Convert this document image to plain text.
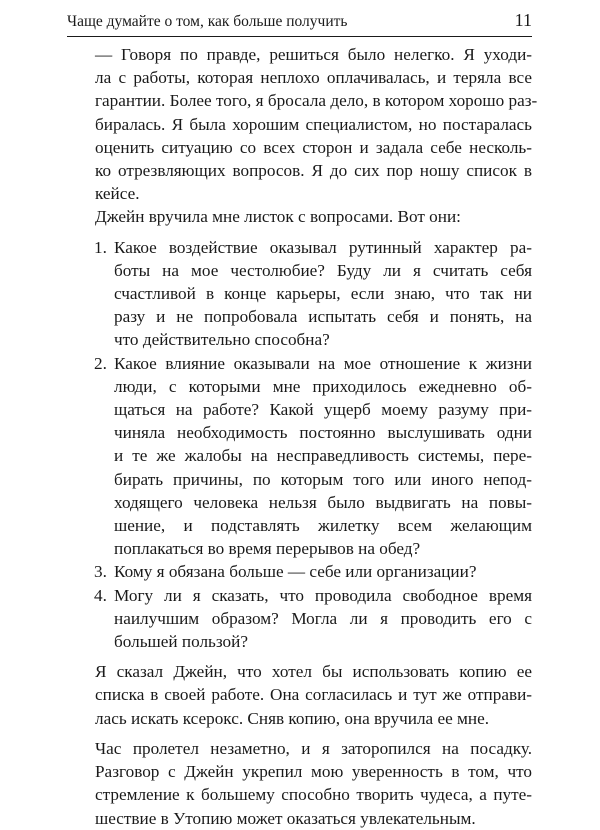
Чаще думайте о том, как больше получить	11

— Говоря по правде, решиться было нелегко. Я уходи-
ла с работы, которая неплохо оплачивалась, и теряла все
гарантии. Более того, я бросала дело, в котором хорошо раз-
биралась. Я была хорошим специалистом, но постаралась
оценить ситуацию со всех сторон и задала себе несколь-
ко отрезвляющих вопросов. Я до сих пор ношу список в
кейсе.

Джейн вручила мне листок с вопросами. Вот они:

1. Какое воздействие оказывал рутинный характер ра-
боты на мое честолюбие? Буду ли я считать себя
счастливой в конце карьеры, если знаю, что так ни
разу и не попробовала испытать себя и понять, на
что действительно способна?
2. Какое влияние оказывали на мое отношение к жизни
люди, с которыми мне приходилось ежедневно об-
щаться на работе? Какой ущерб моему разуму при-
чиняла необходимость постоянно выслушивать одни
и те же жалобы на несправедливость системы, пере-
бирать причины, по которым того или иного непод-
ходящего человека нельзя было выдвигать на повы-
шение, и подставлять жилетку всем желающим
поплакаться во время перерывов на обед?
3. Кому я обязана больше — себе или организации?
4. Могу ли я сказать, что проводила свободное время
наилучшим образом? Могла ли я проводить его с
большей пользой?

Я сказал Джейн, что хотел бы использовать копию ее
списка в своей работе. Она согласилась и тут же отправи-
лась искать ксерокс. Сняв копию, она вручила ее мне.

Час пролетел незаметно, и я заторопился на посадку.
Разговор с Джейн укрепил мою уверенность в том, что
стремление к большему способно творить чудеса, а путе-
шествие в Утопию может оказаться увлекательным.
